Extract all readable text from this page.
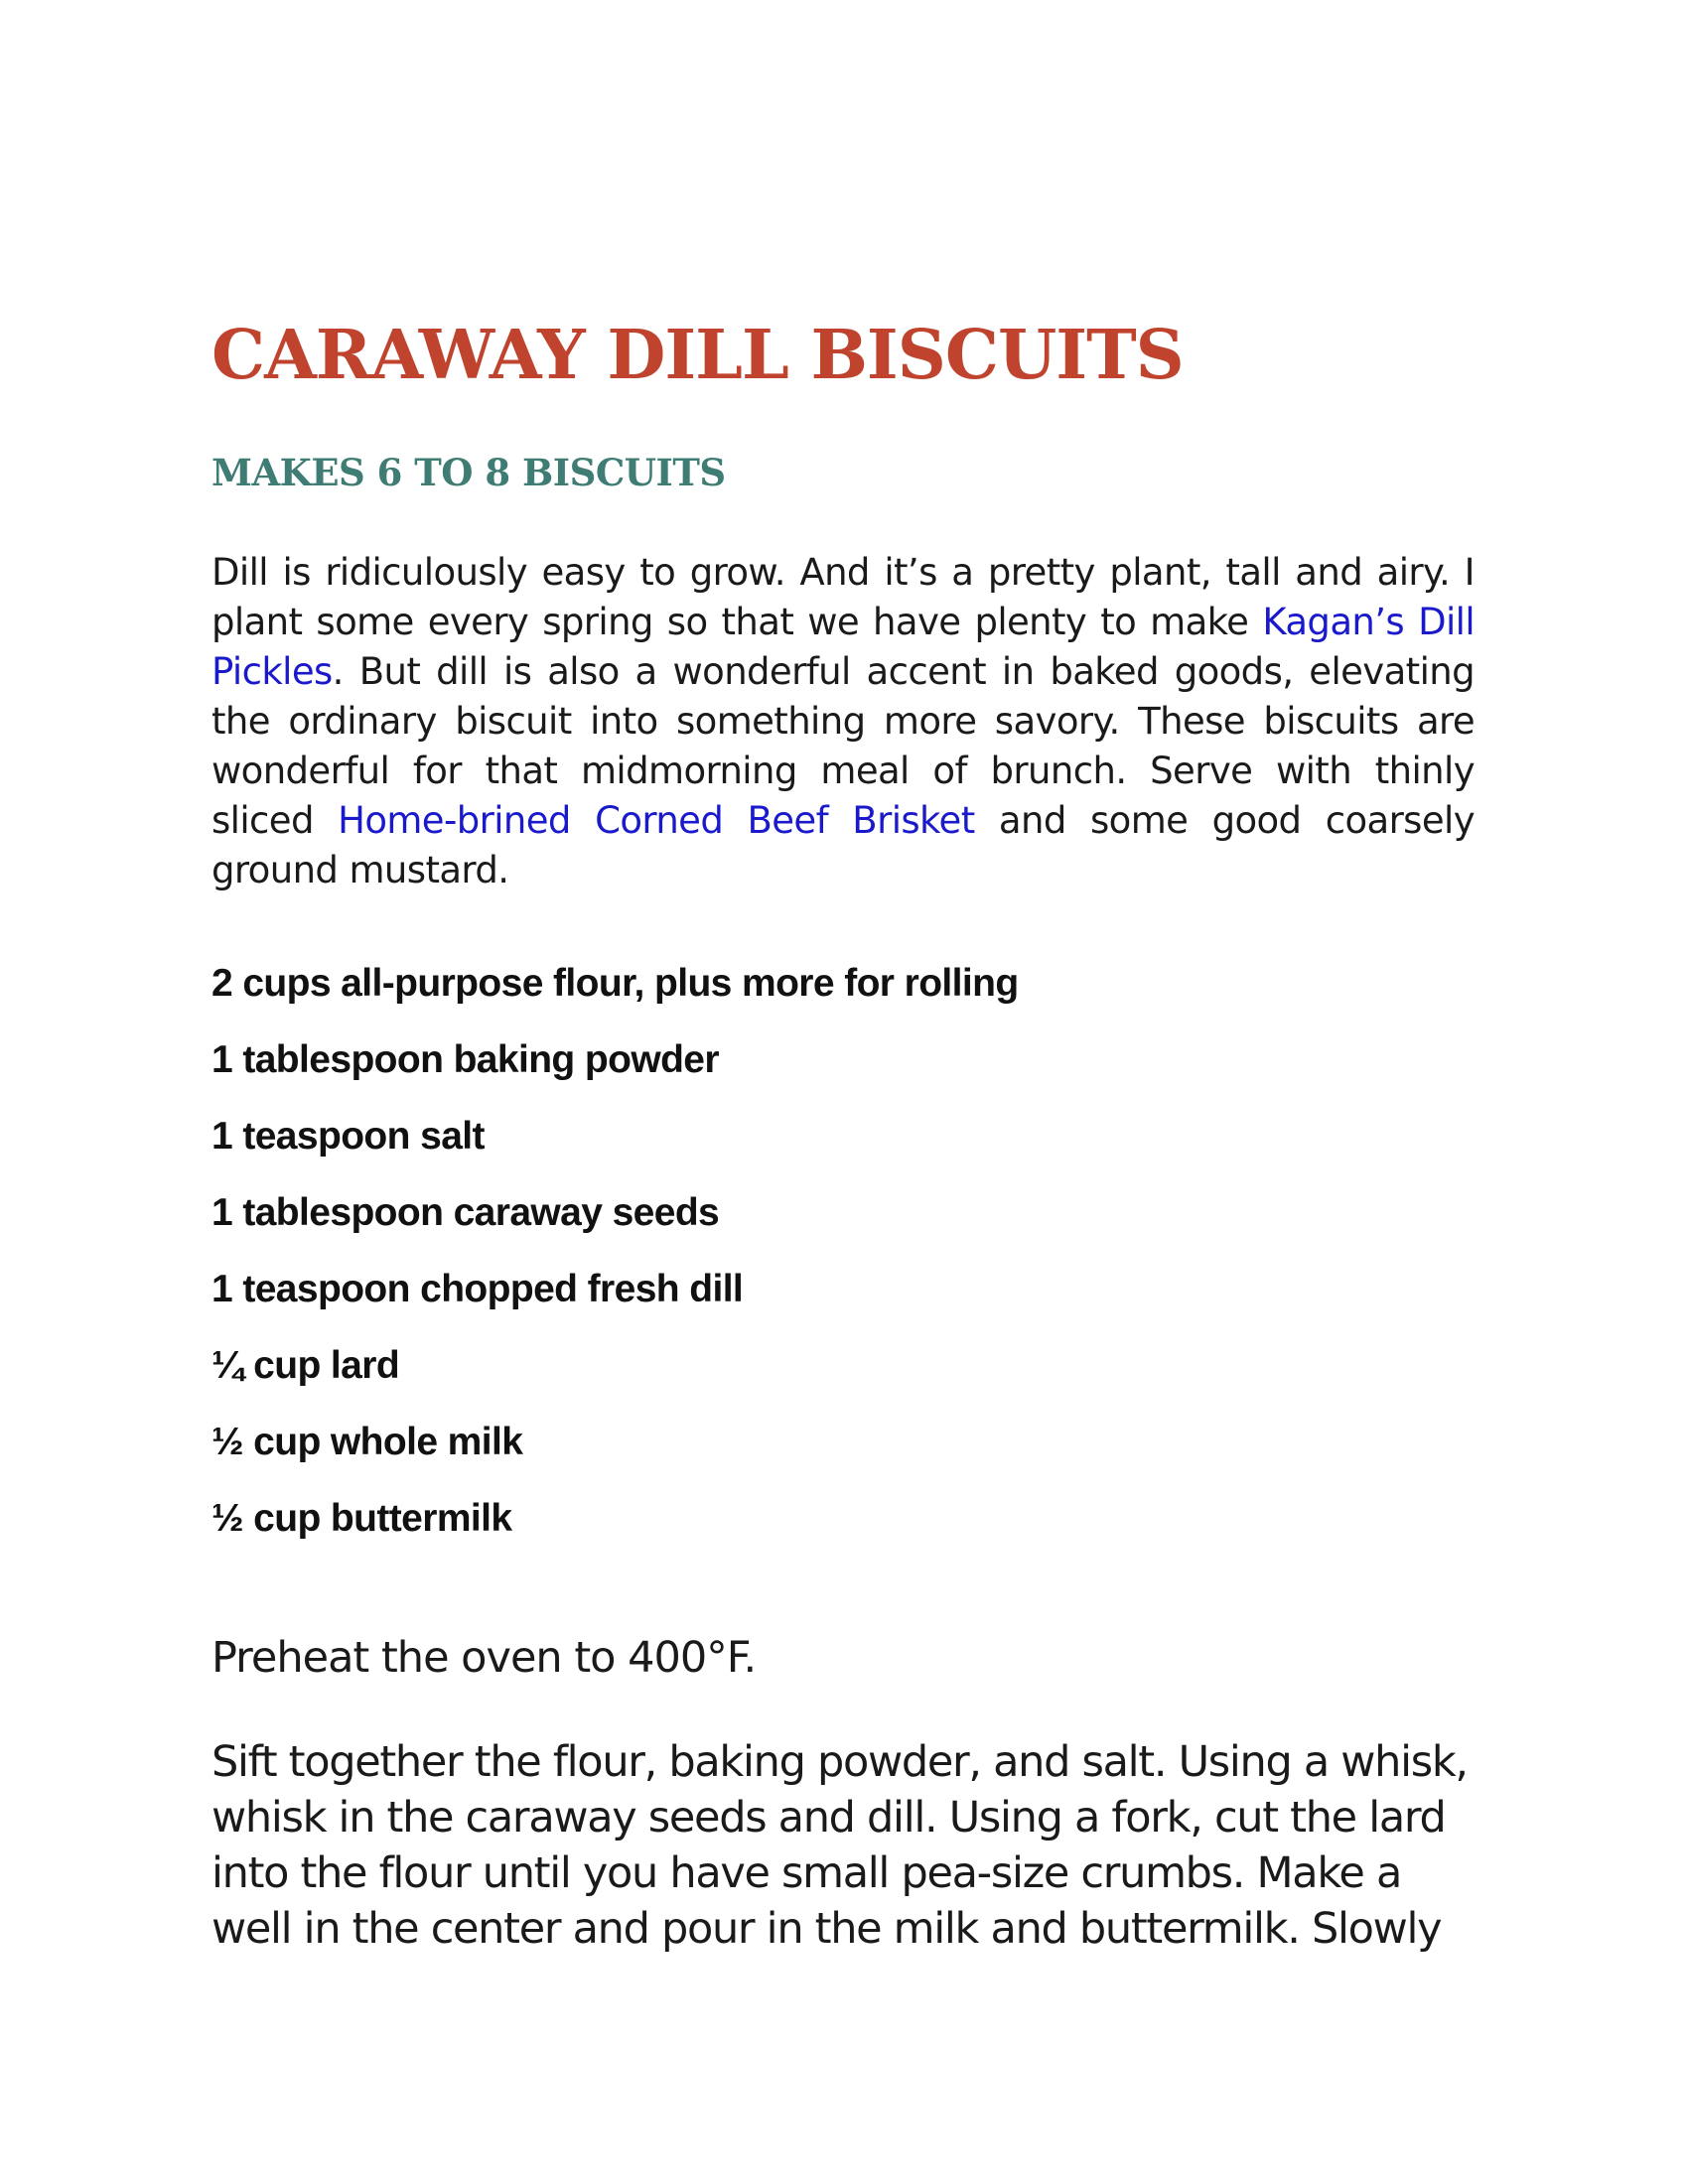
CARAWAY DILL BISCUITS
MAKES 6 TO 8 BISCUITS

Dill is ridiculously easy to grow. And it’s a pretty plant, tall and airy. I plant some every spring so that we have plenty to make Kagan’s Dill Pickles. But dill is also a wonderful accent in baked goods, elevating the ordinary biscuit into something more savory. These biscuits are wonderful for that midmorning meal of brunch. Serve with thinly sliced Home-brined Corned Beef Brisket and some good coarsely ground mustard.

2 cups all-purpose flour, plus more for rolling
1 tablespoon baking powder
1 teaspoon salt
1 tablespoon caraway seeds
1 teaspoon chopped fresh dill
¼ cup lard
½ cup whole milk
½ cup buttermilk

Preheat the oven to 400°F.

Sift together the flour, baking powder, and salt. Using a whisk,
whisk in the caraway seeds and dill. Using a fork, cut the lard
into the flour until you have small pea-size crumbs. Make a
well in the center and pour in the milk and buttermilk. Slowly
